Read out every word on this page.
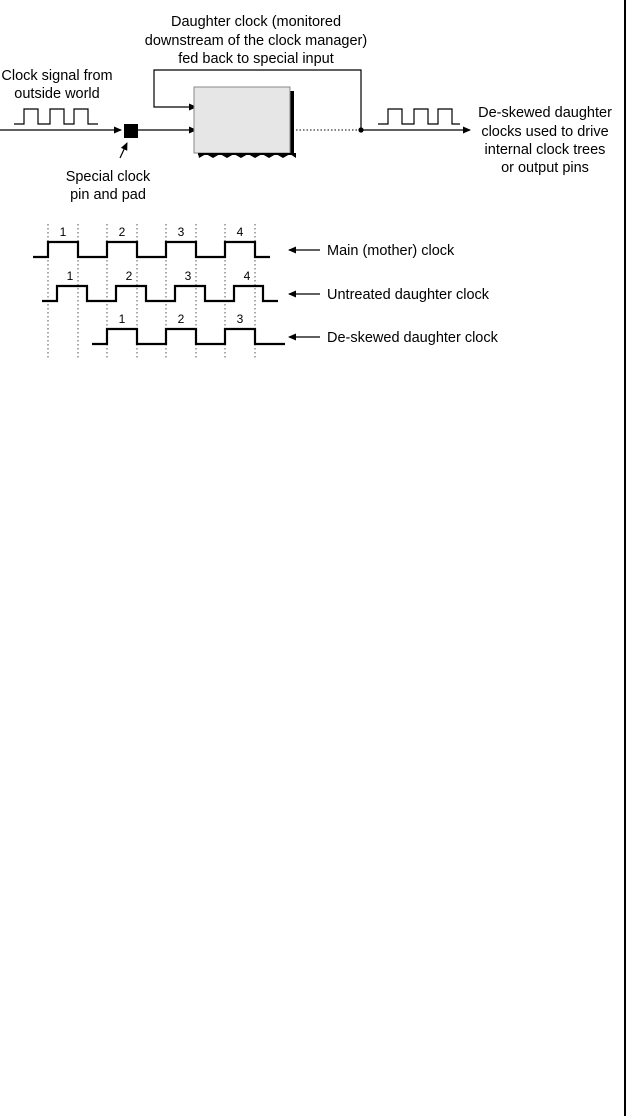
Daughter clock (monitored
downstream of the clock manager)
fed back to special input
Clock signal from
outside world
Special clock
pin and pad
De-skewed daughter
clocks used to drive
internal clock trees
or output pins
1	2	3	4
Main (mother) clock
1	2	3	4
Untreated daughter clock
1	2	3
De-skewed daughter clock
